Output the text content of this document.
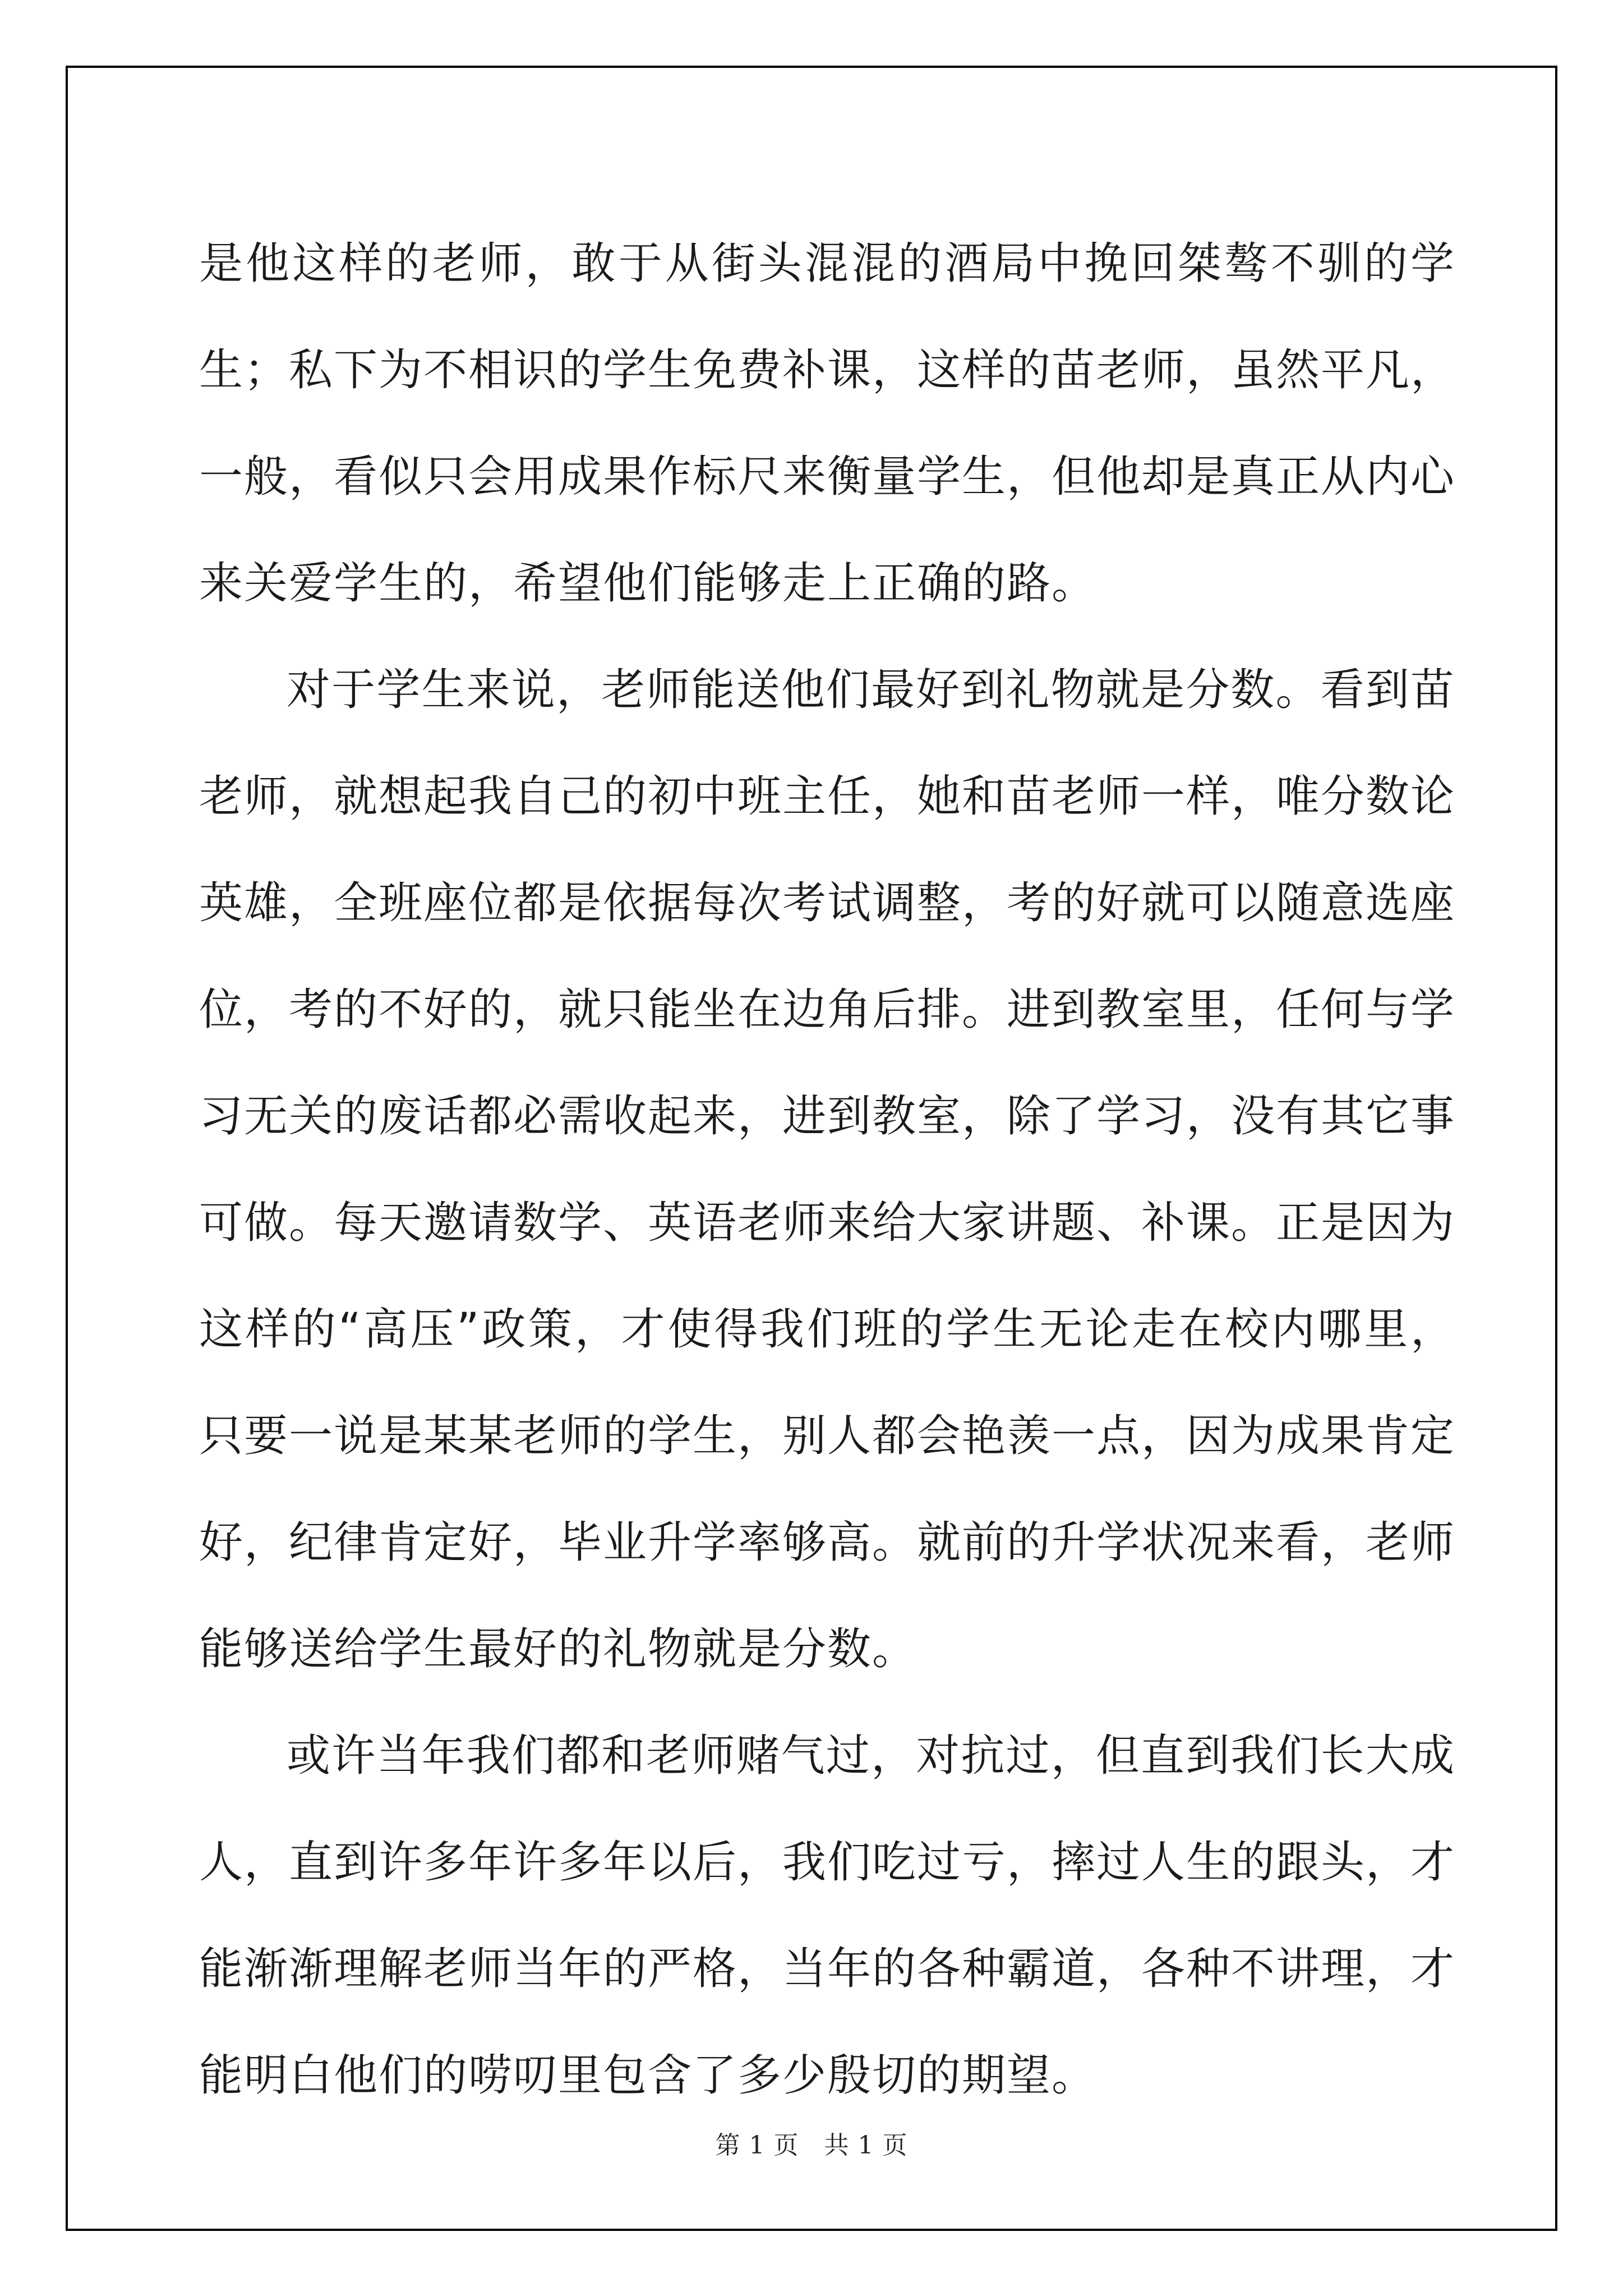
是他这样的老师，敢于从街头混混的酒局中挽回桀骜不驯的学生；私下为不相识的学生免费补课，这样的苗老师，虽然平凡，一般，看似只会用成果作标尺来衡量学生，但他却是真正从内心来关爱学生的，希望他们能够走上正确的路。

对于学生来说，老师能送他们最好到礼物就是分数。看到苗老师，就想起我自己的初中班主任，她和苗老师一样，唯分数论英雄，全班座位都是依据每次考试调整，考的好就可以随意选座位，考的不好的，就只能坐在边角后排。进到教室里，任何与学习无关的废话都必需收起来，进到教室，除了学习，没有其它事可做。每天邀请数学、英语老师来给大家讲题、补课。正是因为这样的“高压”政策，才使得我们班的学生无论走在校内哪里，只要一说是某某老师的学生，别人都会艳羡一点，因为成果肯定好，纪律肯定好，毕业升学率够高。就前的升学状况来看，老师能够送给学生最好的礼物就是分数。

或许当年我们都和老师赌气过，对抗过，但直到我们长大成人，直到许多年许多年以后，我们吃过亏，摔过人生的跟头，才能渐渐理解老师当年的严格，当年的各种霸道，各种不讲理，才能明白他们的唠叨里包含了多少殷切的期望。

第 1 页　共 1 页
